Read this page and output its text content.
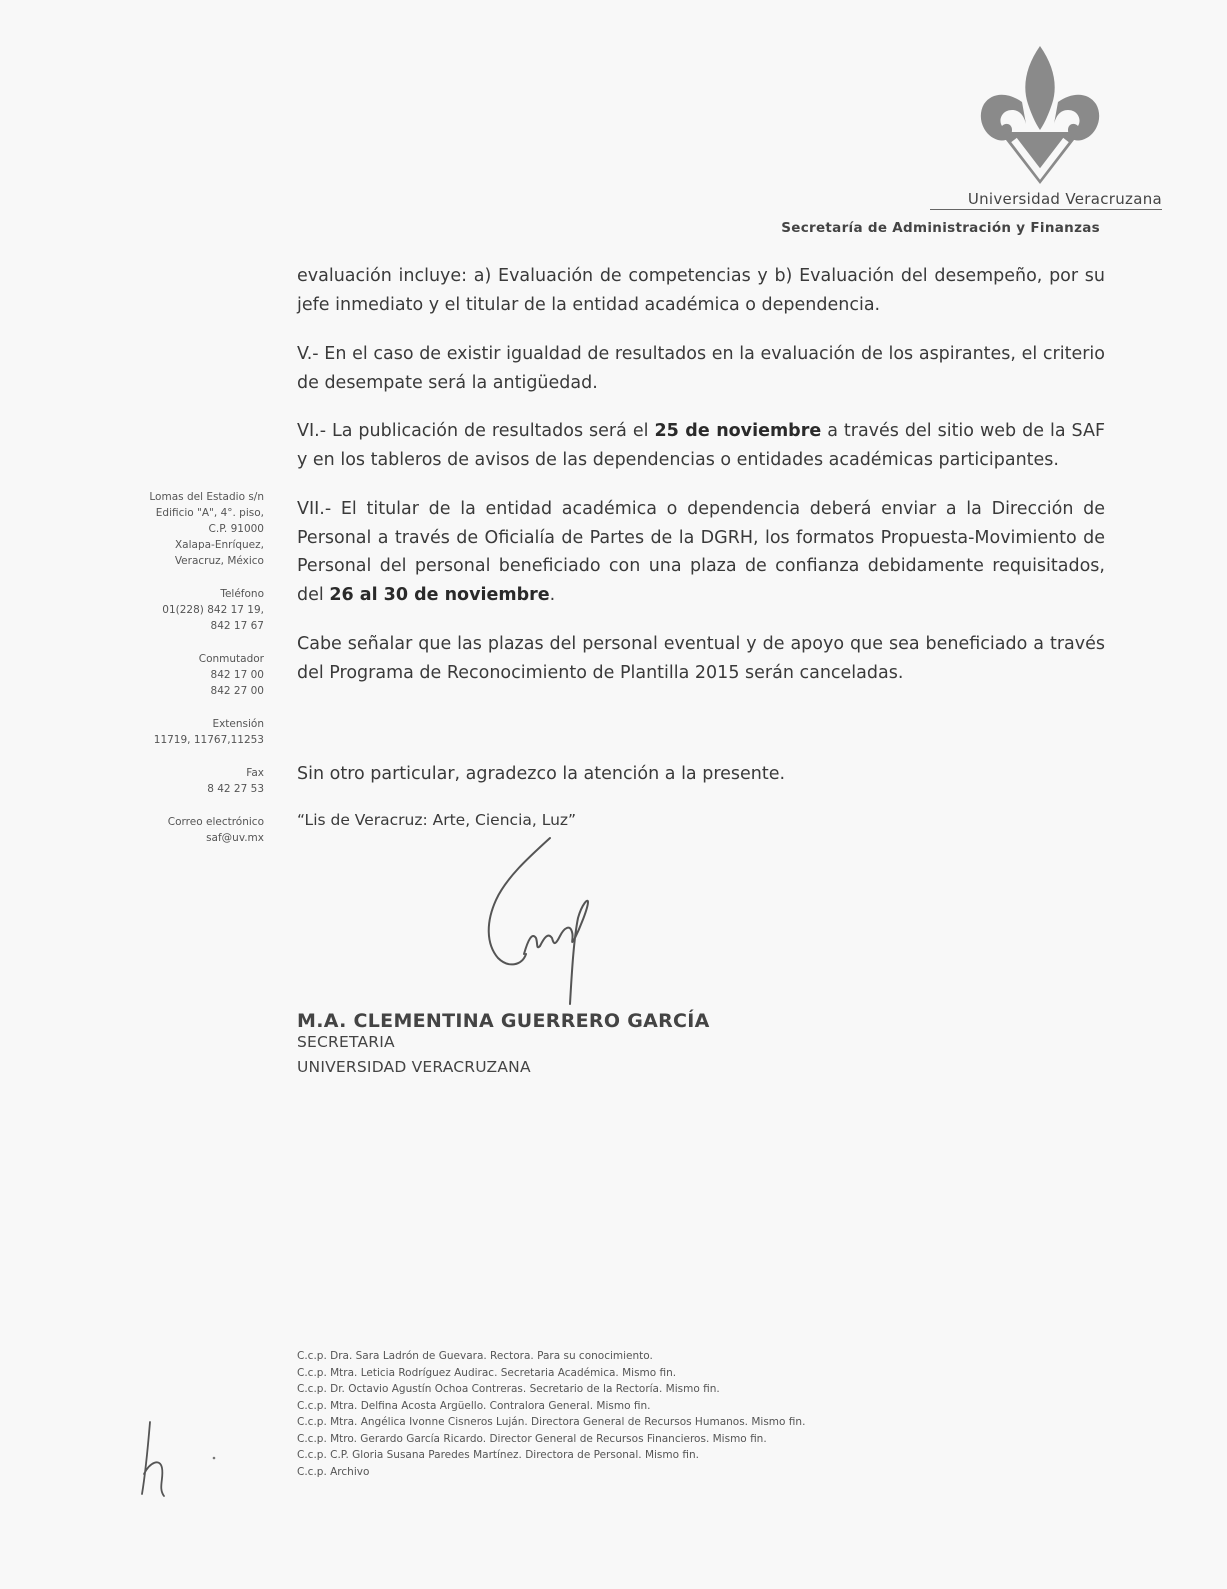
Universidad Veracruzana
Secretaría de Administración y Finanzas
Lomas del Estadio s/n
Edificio "A", 4°. piso,
C.P. 91000
Xalapa-Enríquez,
Veracruz, México
Teléfono
01(228) 842 17 19,
842 17 67
Conmutador
842 17 00
842 27 00
Extensión
11719, 11767,11253
Fax
8 42 27 53
Correo electrónico
saf@uv.mx
evaluación incluye: a) Evaluación de competencias y b) Evaluación del desempeño, por su jefe inmediato y el titular de la entidad académica o dependencia.
V.- En el caso de existir igualdad de resultados en la evaluación de los aspirantes, el criterio de desempate será la antigüedad.
VI.- La publicación de resultados será el 25 de noviembre a través del sitio web de la SAF y en los tableros de avisos de las dependencias o entidades académicas participantes.
VII.- El titular de la entidad académica o dependencia deberá enviar a la Dirección de Personal a través de Oficialía de Partes de la DGRH, los formatos Propuesta-Movimiento de Personal del personal beneficiado con una plaza de confianza debidamente requisitados, del 26 al 30 de noviembre.
Cabe señalar que las plazas del personal eventual y de apoyo que sea beneficiado a través del Programa de Reconocimiento de Plantilla 2015 serán canceladas.
Sin otro particular, agradezco la atención a la presente.
“Lis de Veracruz: Arte, Ciencia, Luz”
M.A. CLEMENTINA GUERRERO GARCÍA
SECRETARIA
UNIVERSIDAD VERACRUZANA
C.c.p. Dra. Sara Ladrón de Guevara. Rectora. Para su conocimiento.
C.c.p. Mtra. Leticia Rodríguez Audirac. Secretaria Académica. Mismo fin.
C.c.p. Dr. Octavio Agustín Ochoa Contreras. Secretario de la Rectoría. Mismo fin.
C.c.p. Mtra. Delfina Acosta Argüello. Contralora General. Mismo fin.
C.c.p. Mtra. Angélica Ivonne Cisneros Luján. Directora General de Recursos Humanos. Mismo fin.
C.c.p. Mtro. Gerardo García Ricardo. Director General de Recursos Financieros. Mismo fin.
C.c.p. C.P. Gloria Susana Paredes Martínez. Directora de Personal. Mismo fin.
C.c.p. Archivo
